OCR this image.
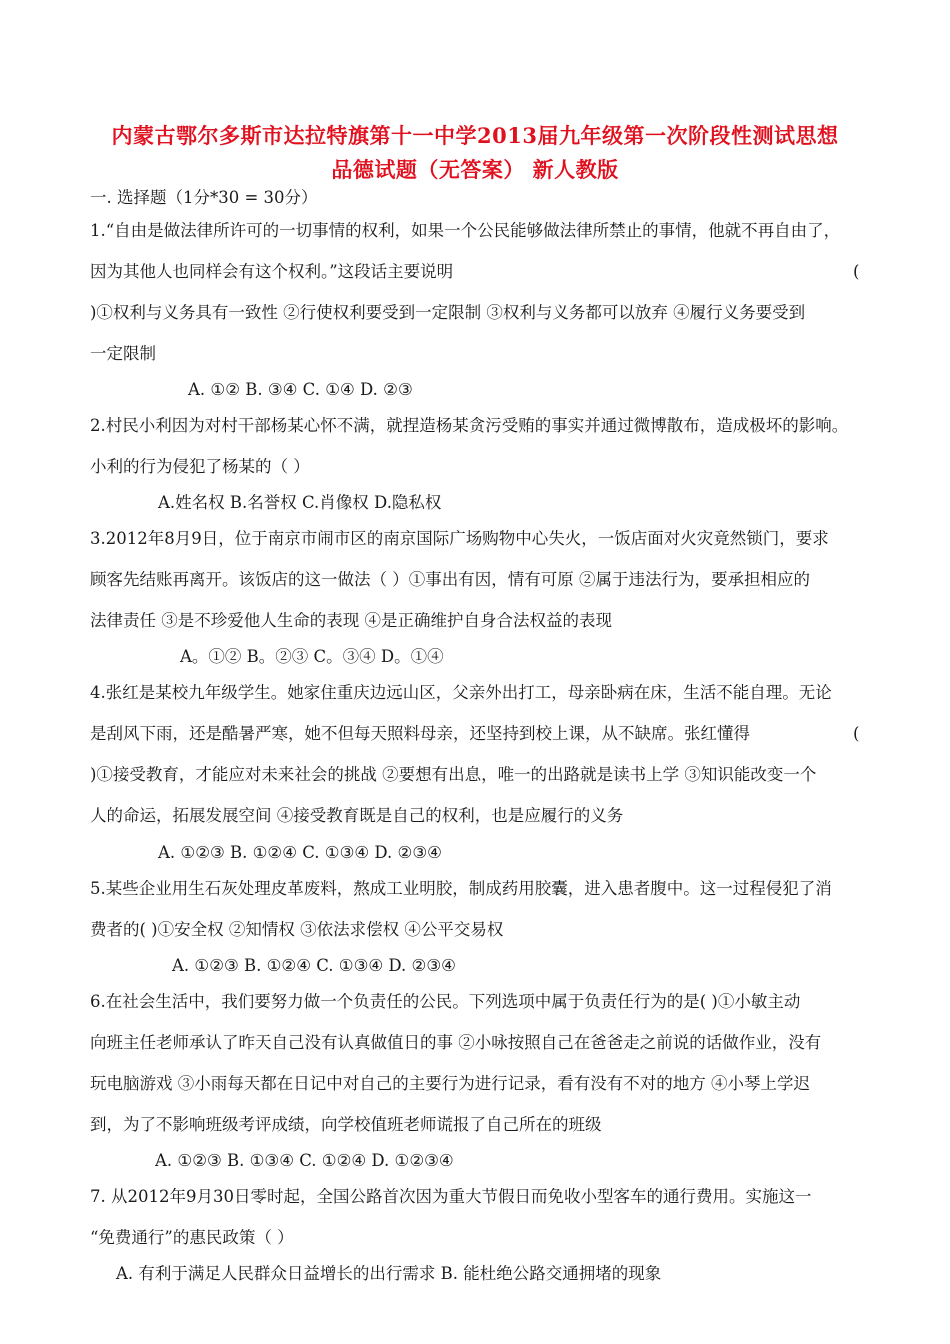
内蒙古鄂尔多斯市达拉特旗第十一中学2013届九年级第一次阶段性测试思想
品德试题（无答案） 新人教版
一. 选择题（1分*30 = 30分）
1.“自由是做法律所许可的一切事情的权利，如果一个公民能够做法律所禁止的事情，他就不再自由了，
因为其他人也同样会有这个权利。”这段话主要说明	(
)①权利与义务具有一致性 ②行使权利要受到一定限制 ③权利与义务都可以放弃 ④履行义务要受到
一定限制
A. ①② B. ③④ C. ①④ D. ②③
2.村民小利因为对村干部杨某心怀不满，就捏造杨某贪污受贿的事实并通过微博散布，造成极坏的影响。
小利的行为侵犯了杨某的（ ）
A.姓名权 B.名誉权 C.肖像权 D.隐私权
3.2012年8月9日，位于南京市闹市区的南京国际广场购物中心失火，一饭店面对火灾竟然锁门，要求
顾客先结账再离开。该饭店的这一做法（ ）①事出有因，情有可原 ②属于违法行为，要承担相应的
法律责任 ③是不珍爱他人生命的表现 ④是正确维护自身合法权益的表现
A。①② B。②③ C。③④ D。①④
4.张红是某校九年级学生。她家住重庆边远山区，父亲外出打工，母亲卧病在床，生活不能自理。无论
是刮风下雨，还是酷暑严寒，她不但每天照料母亲，还坚持到校上课，从不缺席。张红懂得	(
)①接受教育，才能应对未来社会的挑战 ②要想有出息，唯一的出路就是读书上学 ③知识能改变一个
人的命运，拓展发展空间 ④接受教育既是自己的权利，也是应履行的义务
A. ①②③ B. ①②④ C. ①③④ D. ②③④
5.某些企业用生石灰处理皮革废料，熬成工业明胶，制成药用胶囊，进入患者腹中。这一过程侵犯了消
费者的( )①安全权 ②知情权 ③依法求偿权 ④公平交易权
A. ①②③ B. ①②④ C. ①③④ D. ②③④
6.在社会生活中，我们要努力做一个负责任的公民。下列选项中属于负责任行为的是( )①小敏主动
向班主任老师承认了昨天自己没有认真做值日的事 ②小咏按照自己在爸爸走之前说的话做作业，没有
玩电脑游戏 ③小雨每天都在日记中对自己的主要行为进行记录，看有没有不对的地方 ④小琴上学迟
到，为了不影响班级考评成绩，向学校值班老师谎报了自己所在的班级
A. ①②③ B. ①③④ C. ①②④ D. ①②③④
7. 从2012年9月30日零时起，全国公路首次因为重大节假日而免收小型客车的通行费用。实施这一
“免费通行”的惠民政策（ ）
A. 有利于满足人民群众日益增长的出行需求 B. 能杜绝公路交通拥堵的现象
